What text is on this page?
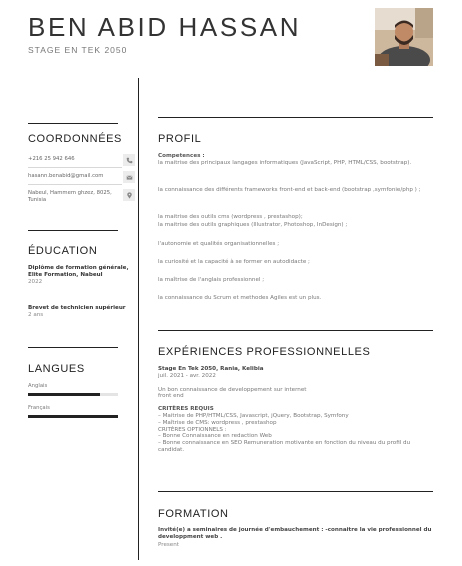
BEN ABID HASSAN
STAGE EN TEK 2050
COORDONNÉES
+216 25 942 646
hasann.benabid@gmail.com
Nabeul, Hammem ghzez, 8025, Tunisia
ÉDUCATION
Diplôme de formation générale, Elite Formation, Nabeul
2022
Brevet de technicien supérieur
2 ans
LANGUES
Anglais
Français
PROFIL
Competences :
la maitrise des principaux langages informatiques (JavaScript, PHP, HTML/CSS, bootstrap).
la connaissance des différents frameworks front-end et back-end (bootstrap ,symfonie/php ) ;
la maitrise des outils cms (wordpress , prestashop);
la maitrise des outils graphiques (Illustrator, Photoshop, InDesign) ;
l'autonomie et qualités organisationnelles ;
la curiosité et la capacité à se former en autodidacte ;
la maîtrise de l'anglais professionnel ;
la connaissance du Scrum et methodes Agiles est un plus.
EXPÉRIENCES PROFESSIONNELLES
Stage En Tek 2050, Rania, Kelibia
juil. 2021 - avr. 2022
Un bon connaissance de developpement sur internet
front end
CRITÈRES REQUIS
– Maitrise de PHP/HTML/CSS, Javascript, jQuery, Bootstrap, Symfony
– Maîtrise de CMS: wordpress , prestashop
CRITÈRES OPTIONNELS :
– Bonne Connaissance en redaction Web
– Bonne connaissance en SEO Remuneration motivante en fonction du niveau du profil du candidat.
FORMATION
Invité(e) a seminaires de journée d'embauchement : -connaitre la vie professionnel du developpment web .
Present
